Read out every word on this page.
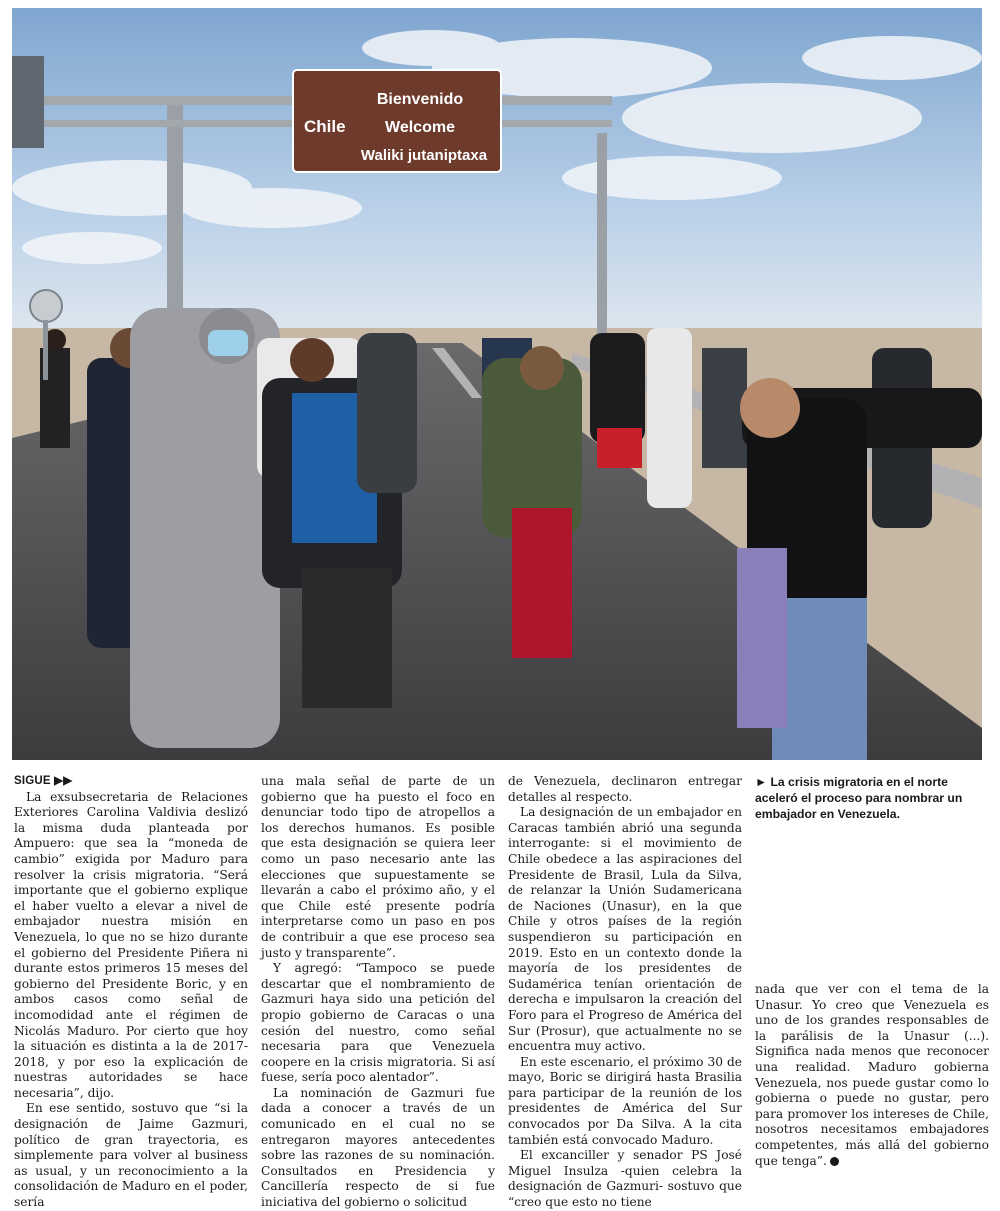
Chile
Bienvenido
Welcome
Waliki jutaniptaxa

SIGUE ▶▶

La exsubsecretaria de Relaciones Exteriores Carolina Valdivia deslizó la misma duda planteada por Ampuero: que sea la “moneda de cambio” exigida por Maduro para resolver la crisis migratoria. “Será importante que el gobierno explique el haber vuelto a elevar a nivel de embajador nuestra misión en Venezuela, lo que no se hizo durante el gobierno del Presidente Piñera ni durante estos primeros 15 meses del gobierno del Presidente Boric, y en ambos casos como señal de incomodidad ante el régimen de Nicolás Maduro. Por cierto que hoy la situación es distinta a la de 2017-2018, y por eso la explicación de nuestras autoridades se hace necesaria”, dijo.

En ese sentido, sostuvo que “si la designación de Jaime Gazmuri, político de gran trayectoria, es simplemente para volver al business as usual, y un reconocimiento a la consolidación de Maduro en el poder, sería

una mala señal de parte de un gobierno que ha puesto el foco en denunciar todo tipo de atropellos a los derechos humanos. Es posible que esta designación se quiera leer como un paso necesario ante las elecciones que supuestamente se llevarán a cabo el próximo año, y el que Chile esté presente podría interpretarse como un paso en pos de contribuir a que ese proceso sea justo y transparente”.

Y agregó: “Tampoco se puede descartar que el nombramiento de Gazmuri haya sido una petición del propio gobierno de Caracas o una cesión del nuestro, como señal necesaria para que Venezuela coopere en la crisis migratoria. Si así fuese, sería poco alentador”.

La nominación de Gazmuri fue dada a conocer a través de un comunicado en el cual no se entregaron mayores antecedentes sobre las razones de su nominación. Consultados en Presidencia y Cancillería respecto de si fue iniciativa del gobierno o solicitud

de Venezuela, declinaron entregar detalles al respecto.

La designación de un embajador en Caracas también abrió una segunda interrogante: si el movimiento de Chile obedece a las aspiraciones del Presidente de Brasil, Lula da Silva, de relanzar la Unión Sudamericana de Naciones (Unasur), en la que Chile y otros países de la región suspendieron su participación en 2019. Esto en un contexto donde la mayoría de los presidentes de Sudamérica tenían orientación de derecha e impulsaron la creación del Foro para el Progreso de América del Sur (Prosur), que actualmente no se encuentra muy activo.

En este escenario, el próximo 30 de mayo, Boric se dirigirá hasta Brasilia para participar de la reunión de los presidentes de América del Sur convocados por Da Silva. A la cita también está convocado Maduro.

El excanciller y senador PS José Miguel Insulza -quien celebra la designación de Gazmuri- sostuvo que “creo que esto no tiene

► La crisis migratoria en el norte aceleró el proceso para nombrar un embajador en Venezuela.
nada que ver con el tema de la Unasur. Yo creo que Venezuela es uno de los grandes responsables de la parálisis de la Unasur (...). Significa nada menos que reconocer una realidad. Maduro gobierna Venezuela, nos puede gustar como lo gobierna o puede no gustar, pero para promover los intereses de Chile, nosotros necesitamos embajadores competentes, más allá del gobierno que tenga”.
